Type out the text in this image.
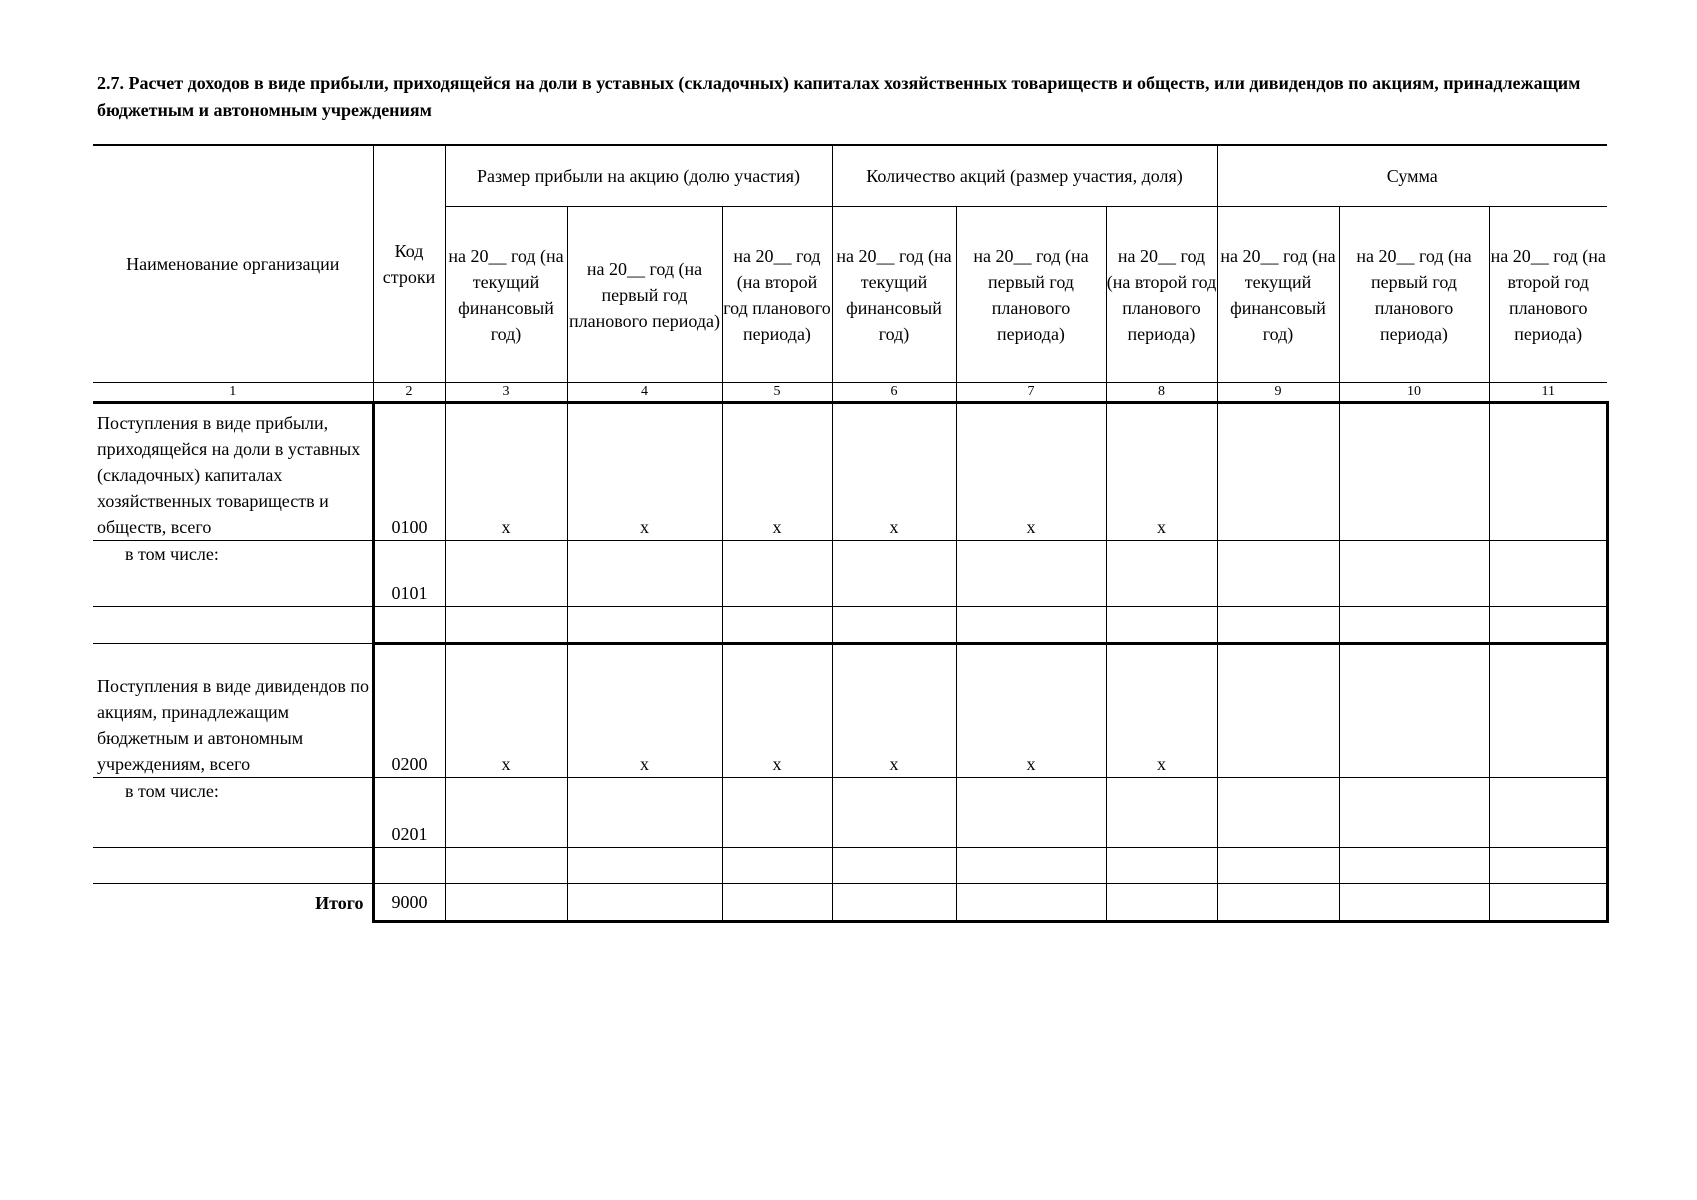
2.7. Расчет доходов в виде прибыли, приходящейся на доли в уставных (складочных) капиталах хозяйственных товариществ и обществ, или дивидендов по акциям, принадлежащим бюджетным и автономным учреждениям
Наименование организации	Код строки	Размер прибыли на акцию (долю участия)			Количество акций (размер участия, доля)			Сумма		
		на 20__ год (на текущий финансовый год)	на 20__ год (на первый год планового периода)	на 20__ год (на второй год планового периода)	на 20__ год (на текущий финансовый год)	на 20__ год (на первый год планового периода)	на 20__ год (на второй год планового периода)	на 20__ год (на текущий финансовый год)	на 20__ год (на первый год планового периода)	на 20__ год (на второй год планового периода)
1	2	3	4	5	6	7	8	9	10	11
Поступления в виде прибыли, приходящейся на доли в уставных (складочных) капиталах хозяйственных товариществ и обществ, всего	0100	x	x	x	x	x	x			
в том числе:	0101									

Поступления в виде дивидендов по акциям, принадлежащим бюджетным и автономным учреждениям, всего	0200	x	x	x	x	x	x			
в том числе:	0201									

Итого	9000									
